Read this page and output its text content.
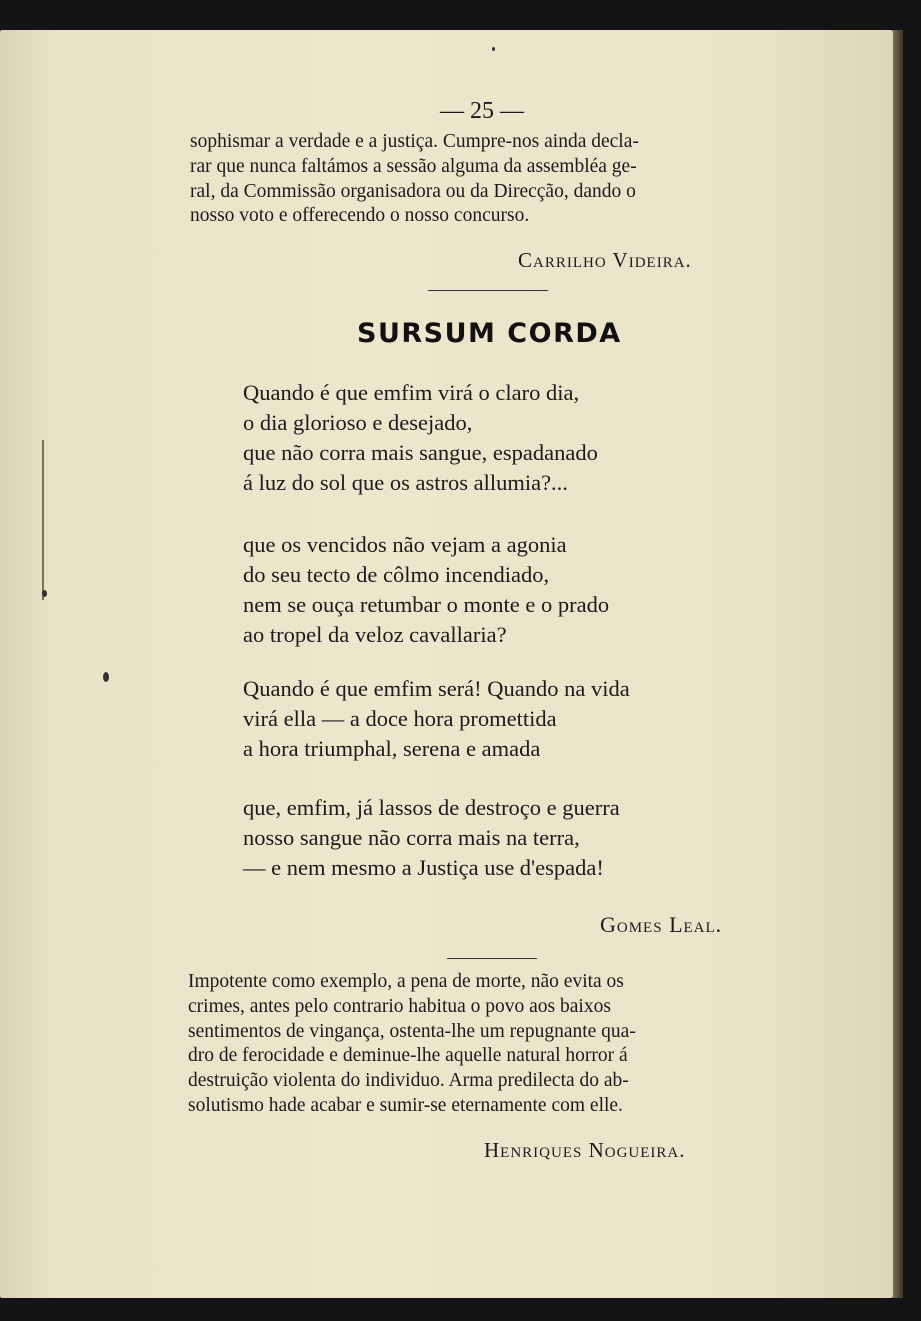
— 25 —
sophismar a verdade e a justiça. Cumpre-nos ainda decla-
rar que nunca faltámos a sessão alguma da assembléa ge-
ral, da Commissão organisadora ou da Direcção, dando o
nosso voto e offerecendo o nosso concurso.
Carrilho Videira.
SURSUM CORDA
Quando é que emfim virá o claro dia,
o dia glorioso e desejado,
que não corra mais sangue, espadanado
á luz do sol que os astros allumia?...
que os vencidos não vejam a agonia
do seu tecto de côlmo incendiado,
nem se ouça retumbar o monte e o prado
ao tropel da veloz cavallaria?
Quando é que emfim será! Quando na vida
virá ella — a doce hora promettida
a hora triumphal, serena e amada
que, emfim, já lassos de destroço e guerra
nosso sangue não corra mais na terra,
— e nem mesmo a Justiça use d'espada!
Gomes Leal.
Impotente como exemplo, a pena de morte, não evita os
crimes, antes pelo contrario habitua o povo aos baixos
sentimentos de vingança, ostenta-lhe um repugnante qua-
dro de ferocidade e deminue-lhe aquelle natural horror á
destruição violenta do individuo. Arma predilecta do ab-
solutismo hade acabar e sumir-se eternamente com elle.
Henriques Nogueira.
